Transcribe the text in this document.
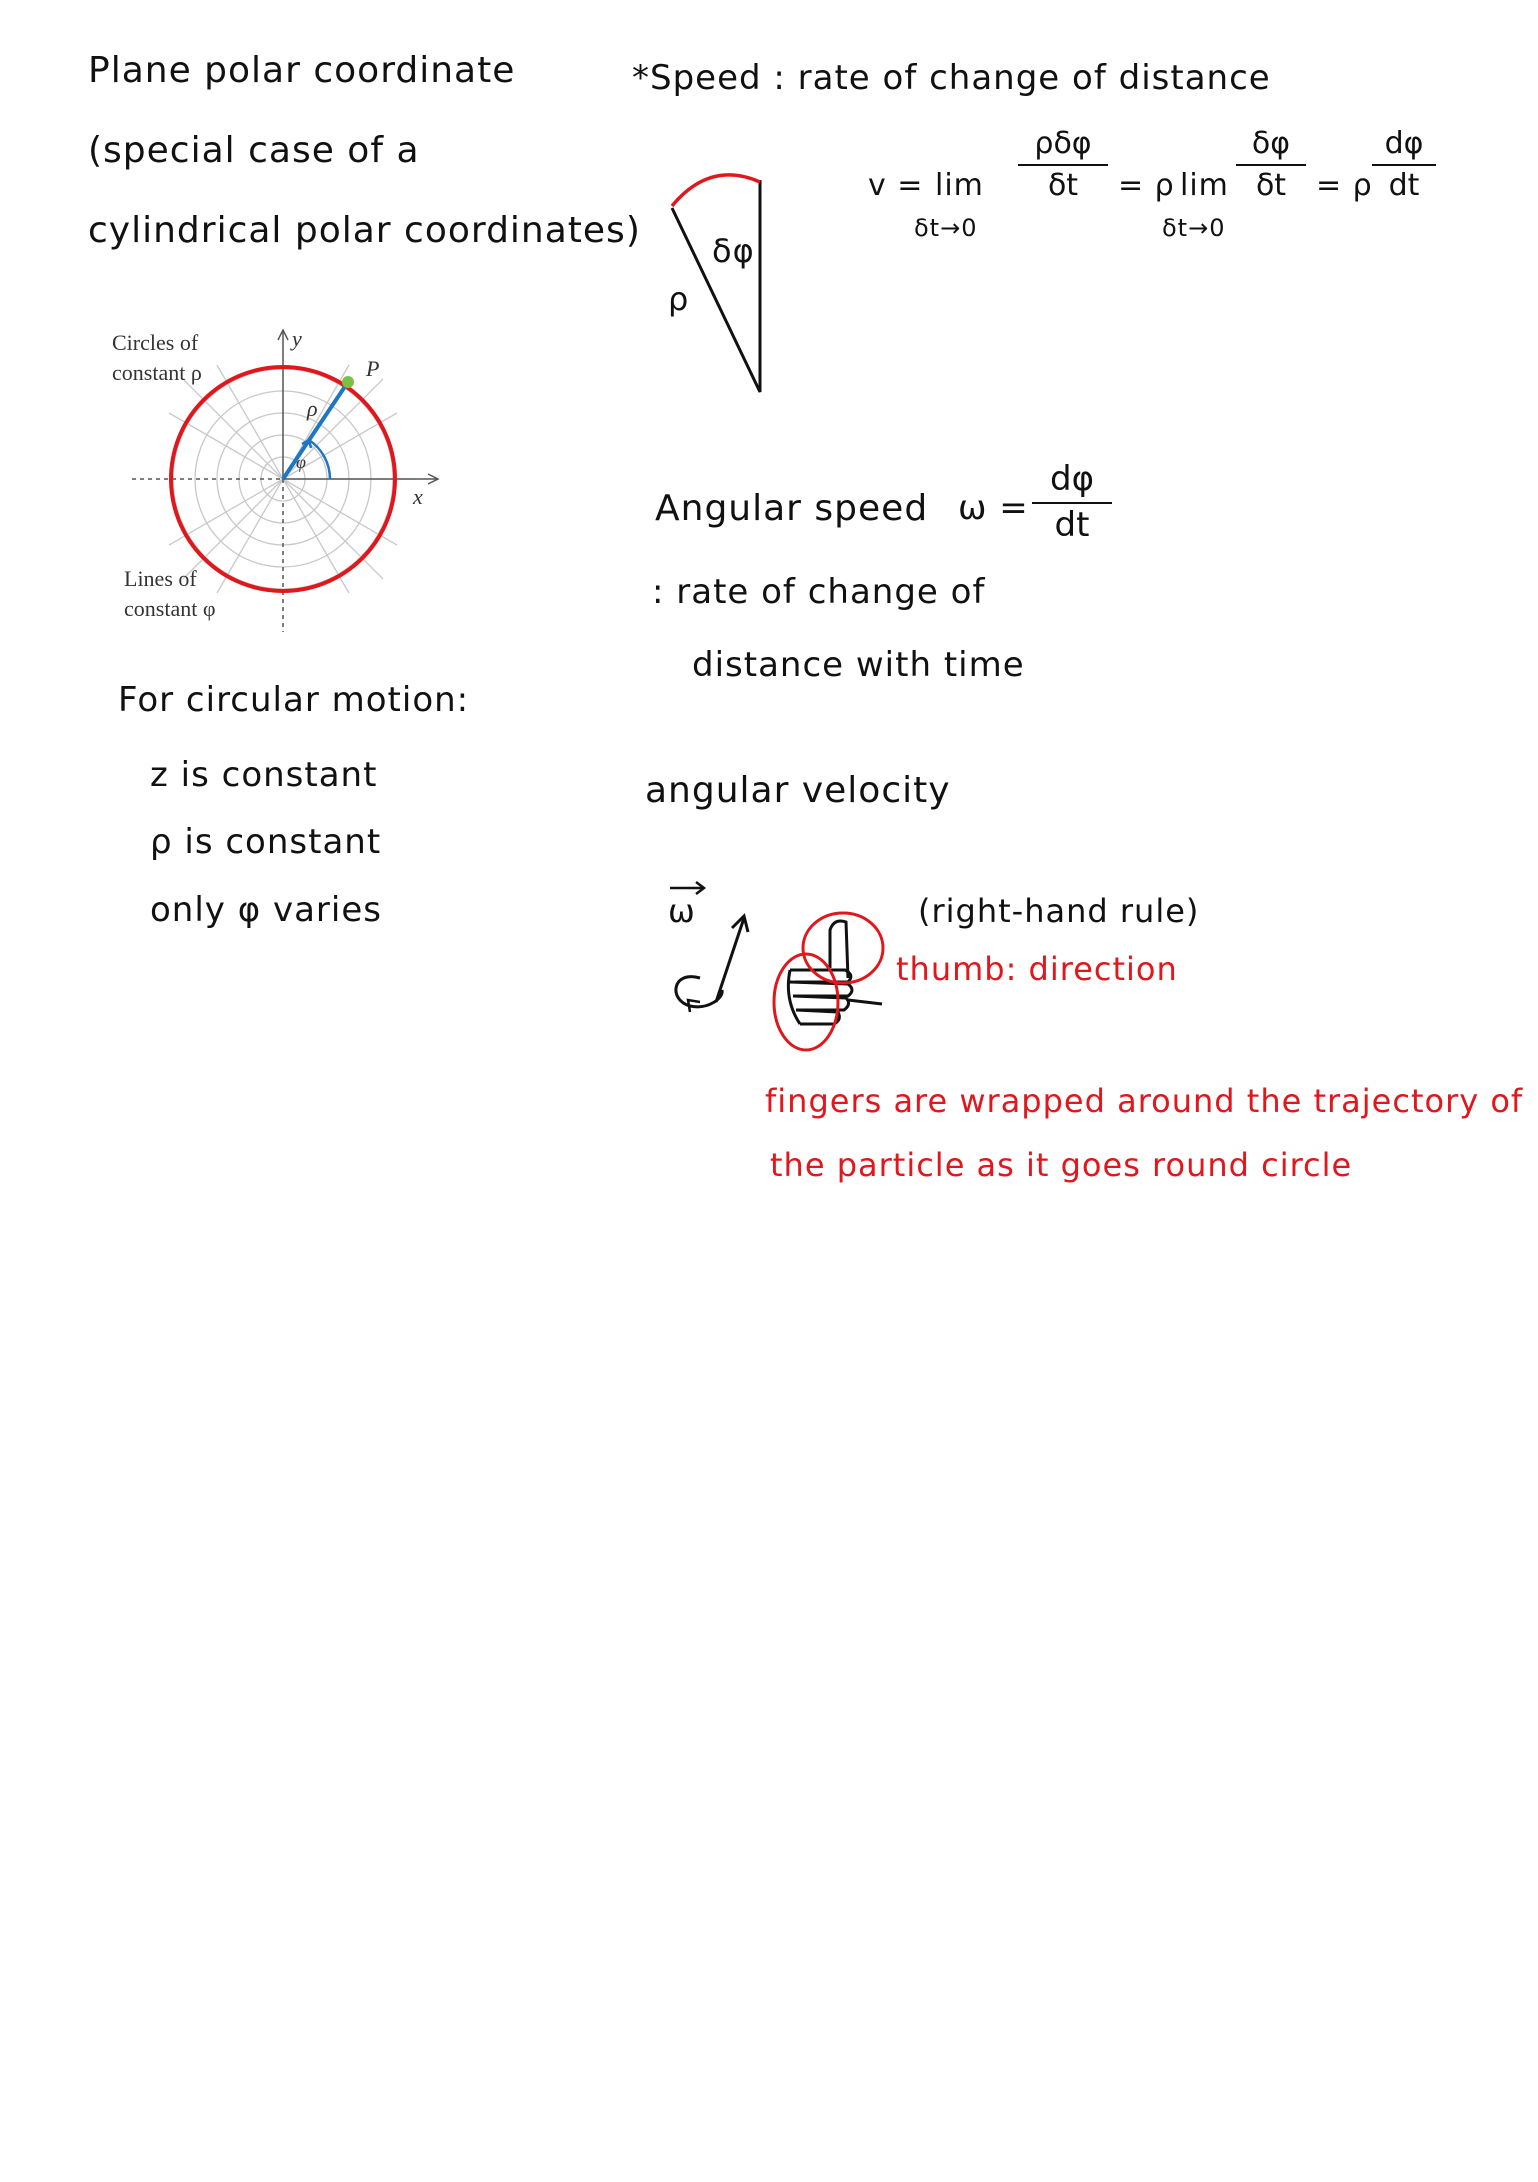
Plane polar coordinate
(special case of a
cylindrical polar coordinates)
Circles of
constant ρ
Lines of
constant φ
y
x
P
ρ
φ
For circular motion:
z is constant
ρ is constant
only φ varies
*Speed : rate of change of distance
δφ
ρ
v = lim
δt→0
ρδφ
δt	= ρ lim
δt→0
δφ
δt = ρ
dφ
dt
Angular speed ω =
dφ
dt
: rate of change of
distance with time
angular velocity
ω	(right-hand rule)
thumb: direction
fingers are wrapped around the trajectory of
the particle as it goes round circle
